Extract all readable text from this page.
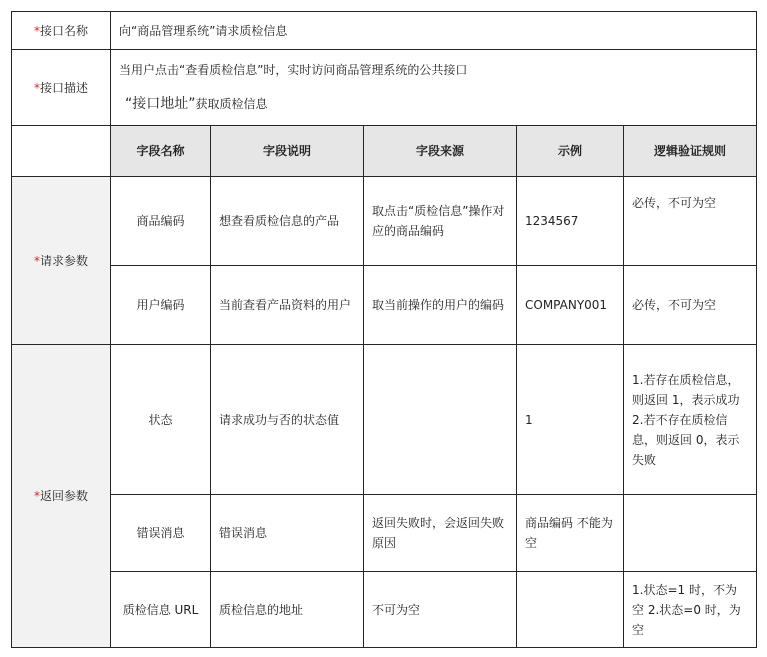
*接口名称	向“商品管理系统”请求质检信息				
*接口描述	当用户点击“查看质检信息”时，实时访问商品管理系统的公共接口
“接口地址”获取质检信息				

	字段名称	字段说明	字段来源	示例	逻辑验证规则
*请求参数	商品编码	想查看质检信息的产品	取点击“质检信息”操作对应的商品编码	1234567	必传，不可为空
	用户编码	当前查看产品资料的用户	取当前操作的用户的编码	COMPANY001	必传，不可为空
*返回参数	状态	请求成功与否的状态值		1	1.若存在质检信息，则返回 1，表示成功 2.若不存在质检信息，则返回 0，表示失败
	错误消息	错误消息	返回失败时，会返回失败原因	商品编码 不能为空	
	质检信息 URL	质检信息的地址	不可为空		1.状态=1 时，不为空 2.状态=0 时，为空
